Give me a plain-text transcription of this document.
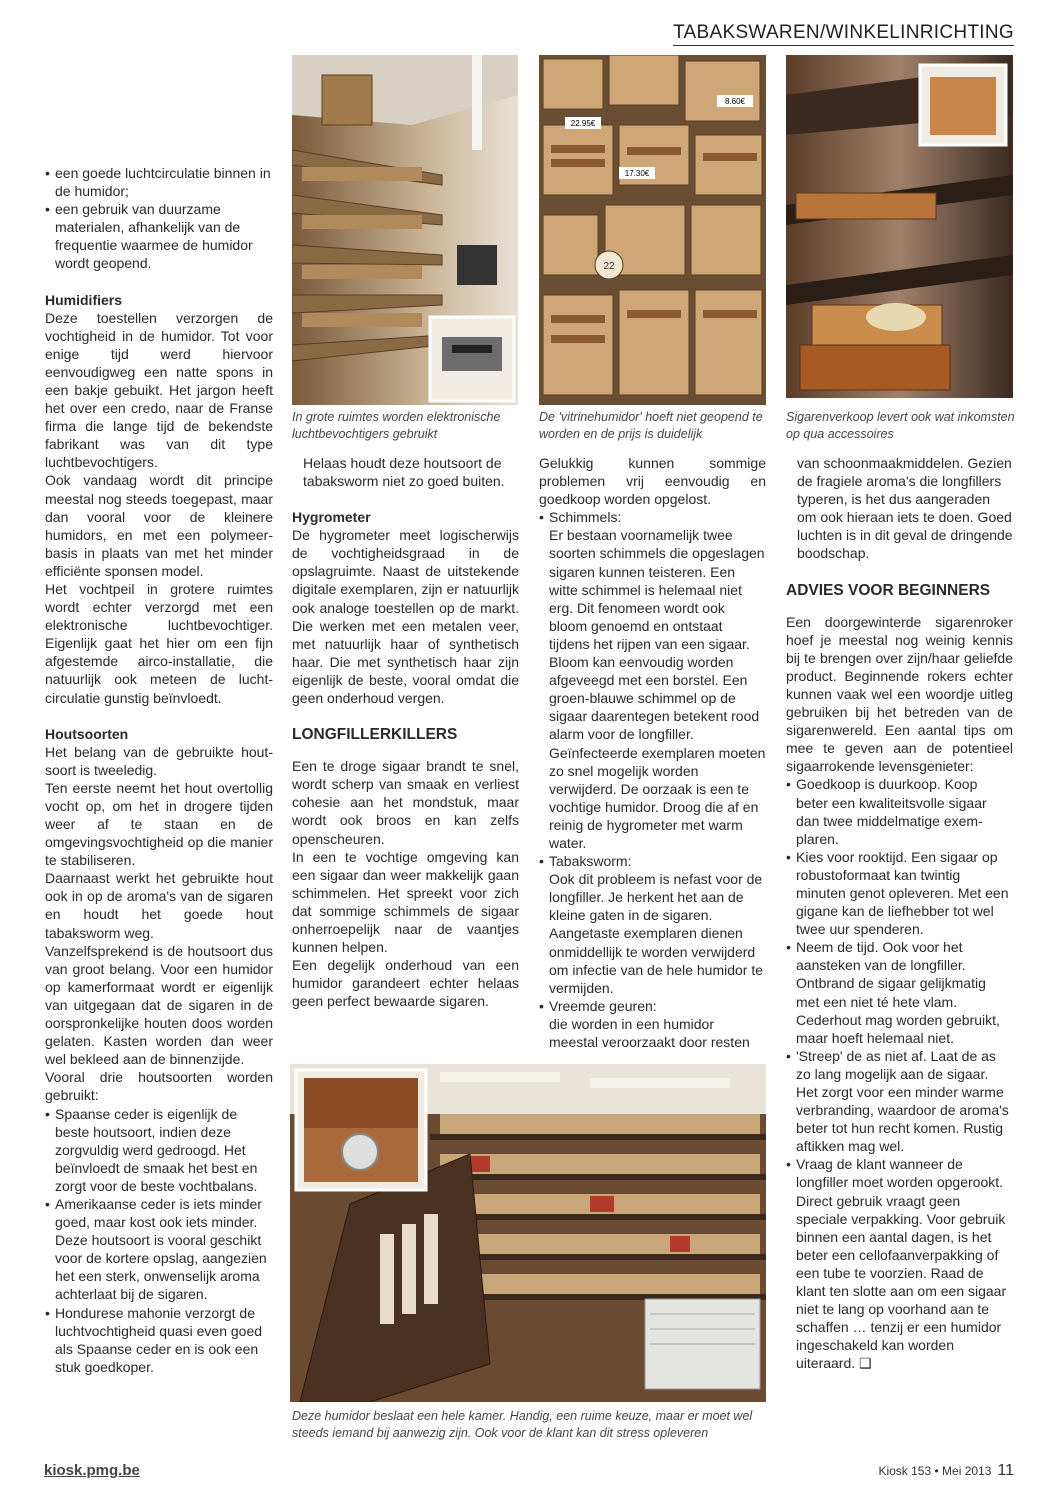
TABAKSWAREN/WINKELINRICHTING
• een goede luchtcirculatie binnen in de humidor;
• een gebruik van duurzame materialen, afhankelijk van de frequentie waarmee de humidor wordt geopend.
Humidifiers

Deze toestellen verzorgen de vochtigheid in de humidor. Tot voor enige tijd werd hiervoor eenvoudigweg een natte spons in een bakje gebuikt. Het jargon heeft het over een credo, naar de Franse firma die lange tijd de bekendste fabrikant was van dit type luchtbevochtigers.

Ook vandaag wordt dit principe meestal nog steeds toegepast, maar dan vooral voor de kleinere humidors, en met een polymeerbasis in plaats van met het minder efficiënte sponsen model.

Het vochtpeil in grotere ruimtes wordt echter verzorgd met een elektronische luchtbevochtiger. Eigenlijk gaat het hier om een fijn afgestemde airco-installatie, die natuurlijk ook meteen de luchtcirculatie gunstig beïnvloedt.

Houtsoorten

Het belang van de gebruikte houtsoort is tweeledig.

Ten eerste neemt het hout overtollig vocht op, om het in drogere tijden weer af te staan en de omgevingsvochtigheid op die manier te stabiliseren.

Daarnaast werkt het gebruikte hout ook in op de aroma's van de sigaren en houdt het goede hout tabaksworm weg.

Vanzelfsprekend is de houtsoort dus van groot belang. Voor een humidor op kamerformaat wordt er eigenlijk van uitgegaan dat de sigaren in de oorspronkelijke houten doos worden gelaten. Kasten worden dan weer wel bekleed aan de binnenzijde.

Vooral drie houtsoorten worden gebruikt:

• Spaanse ceder is eigenlijk de beste houtsoort, indien deze zorgvuldig werd gedroogd. Het beïnvloedt de smaak het best en zorgt voor de beste vochtbalans.
• Amerikaanse ceder is iets minder goed, maar kost ook iets minder. Deze houtsoort is vooral geschikt voor de kortere opslag, aangezien het een sterk, onwenselijk aroma achterlaat bij de sigaren.
• Hondurese mahonie verzorgt de luchtvochtigheid quasi even goed als Spaanse ceder en is ook een stuk goedkoper.
In grote ruimtes worden elektronische luchtbevochtigers gebruikt
22.95€
8.60€
17.30€
22
De 'vitrinehumidor' hoeft niet geopend te worden en de prijs is duidelijk
Sigarenverkoop levert ook wat inkomsten op qua accessoires

Helaas houdt deze houtsoort de tabaksworm niet zo goed buiten.

Hygrometer

De hygrometer meet logischerwijs de vochtigheidsgraad in de opslagruimte. Naast de uitstekende digitale exemplaren, zijn er natuurlijk ook analoge toestellen op de markt. Die werken met een metalen veer, met natuurlijk haar of synthetisch haar. Die met synthetisch haar zijn eigenlijk de beste, vooral omdat die geen onderhoud vergen.

LONGFILLERKILLERS

Een te droge sigaar brandt te snel, wordt scherp van smaak en verliest cohesie aan het mondstuk, maar wordt ook broos en kan zelfs openscheuren.

In een te vochtige omgeving kan een sigaar dan weer makkelijk gaan schimmelen. Het spreekt voor zich dat sommige schimmels de sigaar onherroepelijk naar de vaantjes kunnen helpen.

Een degelijk onderhoud van een humidor garandeert echter helaas geen perfect bewaarde sigaren.

Gelukkig kunnen sommige problemen vrij eenvoudig en goedkoop worden opgelost.

• Schimmels:
Er bestaan voornamelijk twee soorten schimmels die opgeslagen sigaren kunnen teisteren. Een witte schimmel is helemaal niet erg. Dit fenomeen wordt ook bloom genoemd en ontstaat tijdens het rijpen van een sigaar. Bloom kan eenvoudig worden afgeveegd met een borstel. Een groen-blauwe schimmel op de sigaar daarentegen betekent rood alarm voor de longfiller. Geïnfecteerde exemplaren moeten zo snel mogelijk worden verwijderd. De oorzaak is een te vochtige humidor. Droog die af en reinig de hygrometer met warm water.
• Tabaksworm:
Ook dit probleem is nefast voor de longfiller. Je herkent het aan de kleine gaten in de sigaren. Aangetaste exemplaren dienen onmiddellijk te worden verwijderd om infectie van de hele humidor te vermijden.
• Vreemde geuren:
die worden in een humidor meestal veroorzaakt door resten
Deze humidor beslaat een hele kamer. Handig, een ruime keuze, maar er moet wel steeds iemand bij aanwezig zijn. Ook voor de klant kan dit stress opleveren

van schoonmaakmiddelen. Gezien de fragiele aroma's die longfillers typeren, is het dus aangeraden om ook hieraan iets te doen. Goed luchten is in dit geval de dringende boodschap.

ADVIES VOOR BEGINNERS

Een doorgewinterde sigarenroker hoef je meestal nog weinig kennis bij te brengen over zijn/haar geliefde product. Beginnende rokers echter kunnen vaak wel een woordje uitleg gebruiken bij het betreden van de sigarenwereld. Een aantal tips om mee te geven aan de potentieel sigaarrokende levensgenieter:

• Goedkoop is duurkoop. Koop beter een kwaliteitsvolle sigaar dan twee middelmatige exemplaren.
• Kies voor rooktijd. Een sigaar op robustoformaat kan twintig minuten genot opleveren. Met een gigane kan de liefhebber tot wel twee uur spenderen.
• Neem de tijd. Ook voor het aansteken van de longfiller. Ontbrand de sigaar gelijkmatig met een niet té hete vlam. Cederhout mag worden gebruikt, maar hoeft helemaal niet.
• 'Streep' de as niet af. Laat de as zo lang mogelijk aan de sigaar. Het zorgt voor een minder warme verbranding, waardoor de aroma's beter tot hun recht komen. Rustig aftikken mag wel.
• Vraag de klant wanneer de longfiller moet worden opgerookt. Direct gebruik vraagt geen speciale verpakking. Voor gebruik binnen een aantal dagen, is het beter een cellofaanverpakking of een tube te voorzien. Raad de klant ten slotte aan om een sigaar niet te lang op voorhand aan te schaffen … tenzij er een humidor ingeschakeld kan worden uiteraard. ❑
kiosk.pmg.be	Kiosk 153 • Mei 2013 11
